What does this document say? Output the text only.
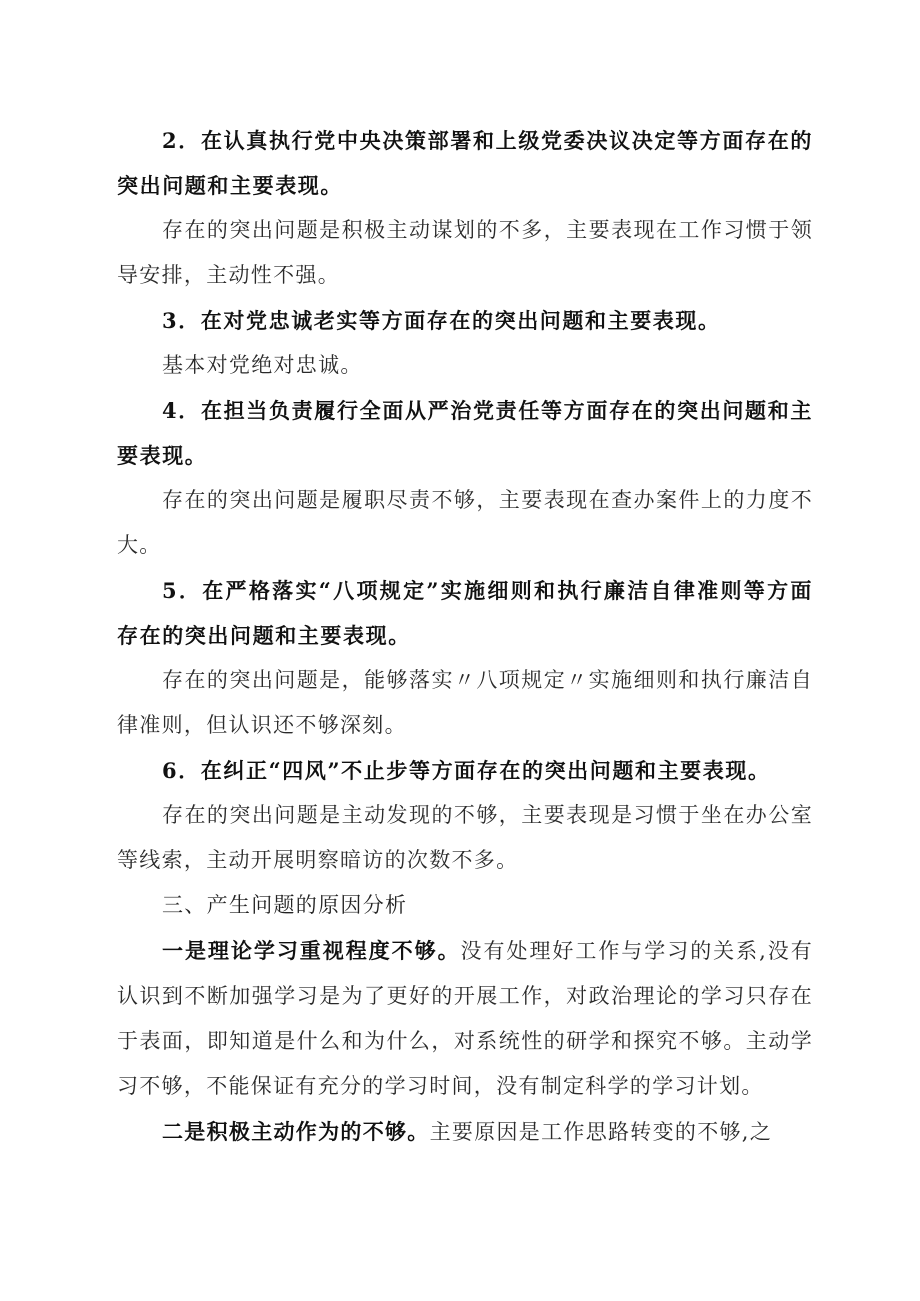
2．在认真执行党中央决策部署和上级党委决议决定等方面存在的突出问题和主要表现。

存在的突出问题是积极主动谋划的不多，主要表现在工作习惯于领导安排，主动性不强。

3．在对党忠诚老实等方面存在的突出问题和主要表现。

基本对党绝对忠诚。

4．在担当负责履行全面从严治党责任等方面存在的突出问题和主要表现。

存在的突出问题是履职尽责不够，主要表现在查办案件上的力度不大。

5．在严格落实“八项规定”实施细则和执行廉洁自律准则等方面存在的突出问题和主要表现。

存在的突出问题是，能够落实〃八项规定〃实施细则和执行廉洁自律准则，但认识还不够深刻。

6．在纠正“四风”不止步等方面存在的突出问题和主要表现。

存在的突出问题是主动发现的不够，主要表现是习惯于坐在办公室等线索，主动开展明察暗访的次数不多。

三、产生问题的原因分析

一是理论学习重视程度不够。没有处理好工作与学习的关系,没有认识到不断加强学习是为了更好的开展工作，对政治理论的学习只存在于表面，即知道是什么和为什么，对系统性的研学和探究不够。主动学习不够，不能保证有充分的学习时间，没有制定科学的学习计划。

二是积极主动作为的不够。主要原因是工作思路转变的不够,之
